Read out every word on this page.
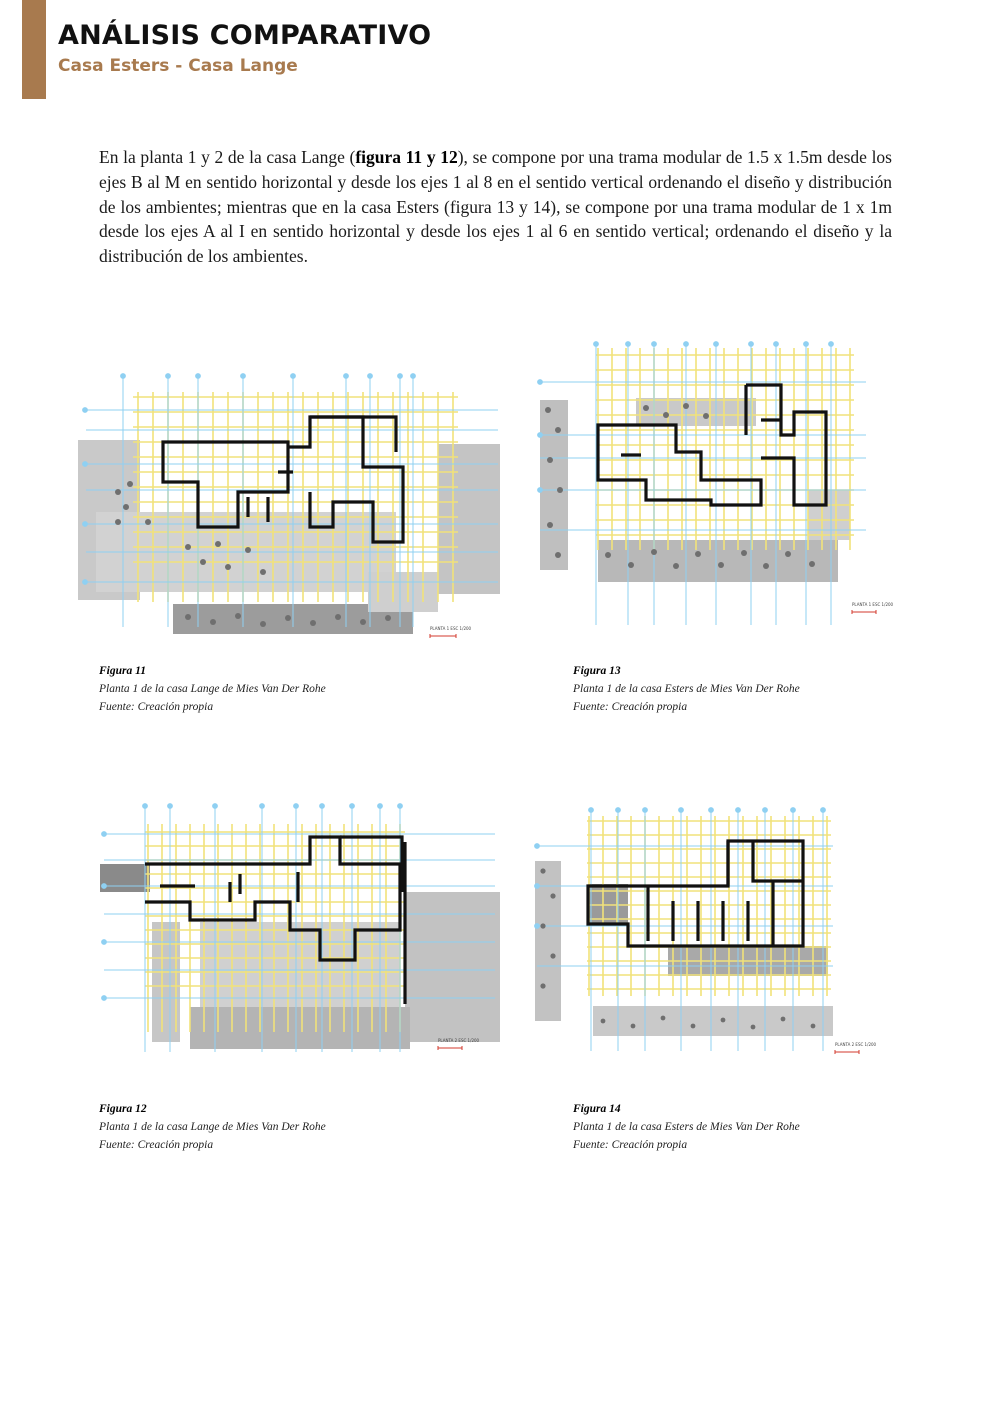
ANÁLISIS COMPARATIVO
Casa Esters - Casa Lange

En la planta 1 y 2 de la casa Lange (figura 11 y 12), se compone por una trama modular de 1.5 x 1.5m desde los ejes B al M en sentido horizontal y desde los ejes 1 al 8 en el sentido vertical ordenando el diseño y distribución de los ambientes; mientras que en la casa Esters (figura 13 y 14), se compone por una trama modular de 1 x 1m desde los ejes A al I en sentido horizontal y desde los ejes 1 al 6 en sentido vertical; ordenando el diseño y la distribución de los ambientes.

PLANTA 1 ESC 1/200
PLANTA 1 ESC 1/200
PLANTA 2 ESC 1/200
PLANTA 2 ESC 1/200
Figura 11
Planta 1 de la casa Lange de Mies Van Der Rohe
Fuente: Creación propia
Figura 13
Planta 1 de la casa Esters de Mies Van Der Rohe
Fuente: Creación propia
Figura 12
Planta 1 de la casa Lange de Mies Van Der Rohe
Fuente: Creación propia
Figura 14
Planta 1 de la casa Esters de Mies Van Der Rohe
Fuente: Creación propia
